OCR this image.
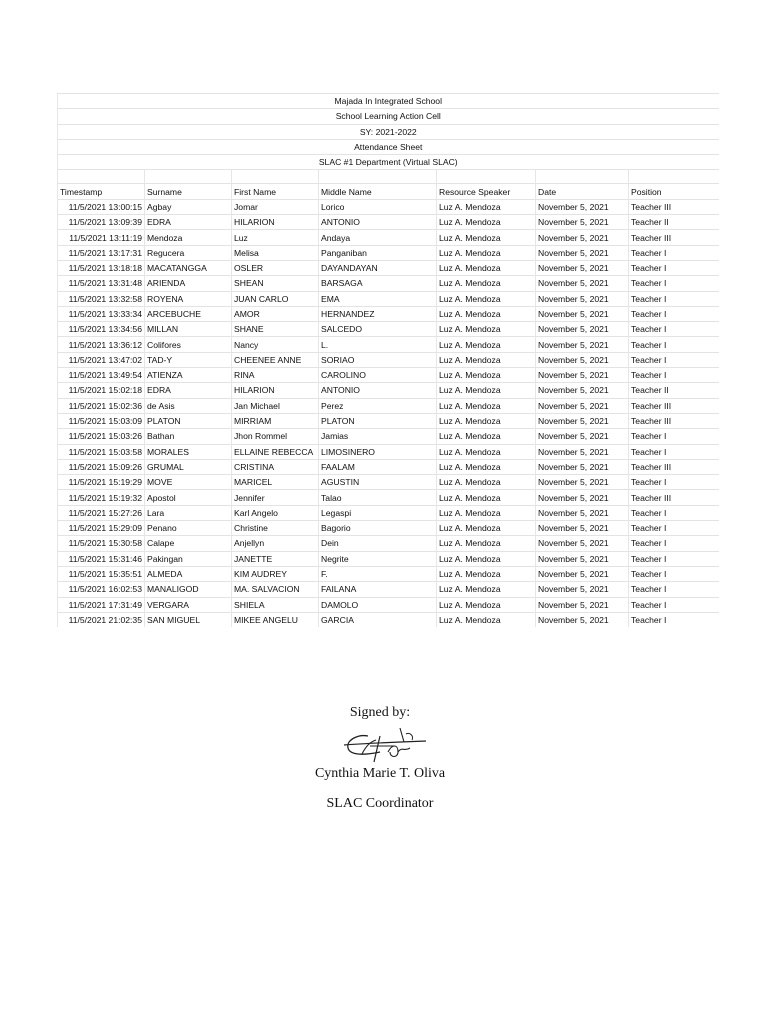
Majada In Integrated School						
School Learning Action Cell						
SY: 2021-2022						
Attendance Sheet						
SLAC #1 Department (Virtual SLAC)						

Timestamp	Surname	First Name	Middle Name	Resource Speaker	Date	Position
11/5/2021 13:00:15	Agbay	Jomar	Lorico	Luz A. Mendoza	November 5, 2021	Teacher III
11/5/2021 13:09:39	EDRA	HILARION	ANTONIO	Luz A. Mendoza	November 5, 2021	Teacher II
11/5/2021 13:11:19	Mendoza	Luz	Andaya	Luz A. Mendoza	November 5, 2021	Teacher III
11/5/2021 13:17:31	Regucera	Melisa	Panganiban	Luz A. Mendoza	November 5, 2021	Teacher I
11/5/2021 13:18:18	MACATANGGA	OSLER	DAYANDAYAN	Luz A. Mendoza	November 5, 2021	Teacher I
11/5/2021 13:31:48	ARIENDA	SHEAN	BARSAGA	Luz A. Mendoza	November 5, 2021	Teacher I
11/5/2021 13:32:58	ROYENA	JUAN CARLO	EMA	Luz A. Mendoza	November 5, 2021	Teacher I
11/5/2021 13:33:34	ARCEBUCHE	AMOR	HERNANDEZ	Luz A. Mendoza	November 5, 2021	Teacher I
11/5/2021 13:34:56	MILLAN	SHANE	SALCEDO	Luz A. Mendoza	November 5, 2021	Teacher I
11/5/2021 13:36:12	Colifores	Nancy	L.	Luz A. Mendoza	November 5, 2021	Teacher I
11/5/2021 13:47:02	TAD-Y	CHEENEE ANNE	SORIAO	Luz A. Mendoza	November 5, 2021	Teacher I
11/5/2021 13:49:54	ATIENZA	RINA	CAROLINO	Luz A. Mendoza	November 5, 2021	Teacher I
11/5/2021 15:02:18	EDRA	HILARION	ANTONIO	Luz A. Mendoza	November 5, 2021	Teacher II
11/5/2021 15:02:36	de Asis	Jan Michael	Perez	Luz A. Mendoza	November 5, 2021	Teacher III
11/5/2021 15:03:09	PLATON	MIRRIAM	PLATON	Luz A. Mendoza	November 5, 2021	Teacher III
11/5/2021 15:03:26	Bathan	Jhon Rommel	Jamias	Luz A. Mendoza	November 5, 2021	Teacher I
11/5/2021 15:03:58	MORALES	ELLAINE REBECCA	LIMOSINERO	Luz A. Mendoza	November 5, 2021	Teacher I
11/5/2021 15:09:26	GRUMAL	CRISTINA	FAALAM	Luz A. Mendoza	November 5, 2021	Teacher III
11/5/2021 15:19:29	MOVE	MARICEL	AGUSTIN	Luz A. Mendoza	November 5, 2021	Teacher I
11/5/2021 15:19:32	Apostol	Jennifer	Talao	Luz A. Mendoza	November 5, 2021	Teacher III
11/5/2021 15:27:26	Lara	Karl Angelo	Legaspi	Luz A. Mendoza	November 5, 2021	Teacher I
11/5/2021 15:29:09	Penano	Christine	Bagorio	Luz A. Mendoza	November 5, 2021	Teacher I
11/5/2021 15:30:58	Calape	Anjellyn	Dein	Luz A. Mendoza	November 5, 2021	Teacher I
11/5/2021 15:31:46	Pakingan	JANETTE	Negrite	Luz A. Mendoza	November 5, 2021	Teacher I
11/5/2021 15:35:51	ALMEDA	KIM AUDREY	F.	Luz A. Mendoza	November 5, 2021	Teacher I
11/5/2021 16:02:53	MANALIGOD	MA. SALVACION	FAILANA	Luz A. Mendoza	November 5, 2021	Teacher I
11/5/2021 17:31:49	VERGARA	SHIELA	DAMOLO	Luz A. Mendoza	November 5, 2021	Teacher I
11/5/2021 21:02:35	SAN MIGUEL	MIKEE ANGELU	GARCIA	Luz A. Mendoza	November 5, 2021	Teacher I
Signed by:
Cynthia Marie T. Oliva
SLAC Coordinator
